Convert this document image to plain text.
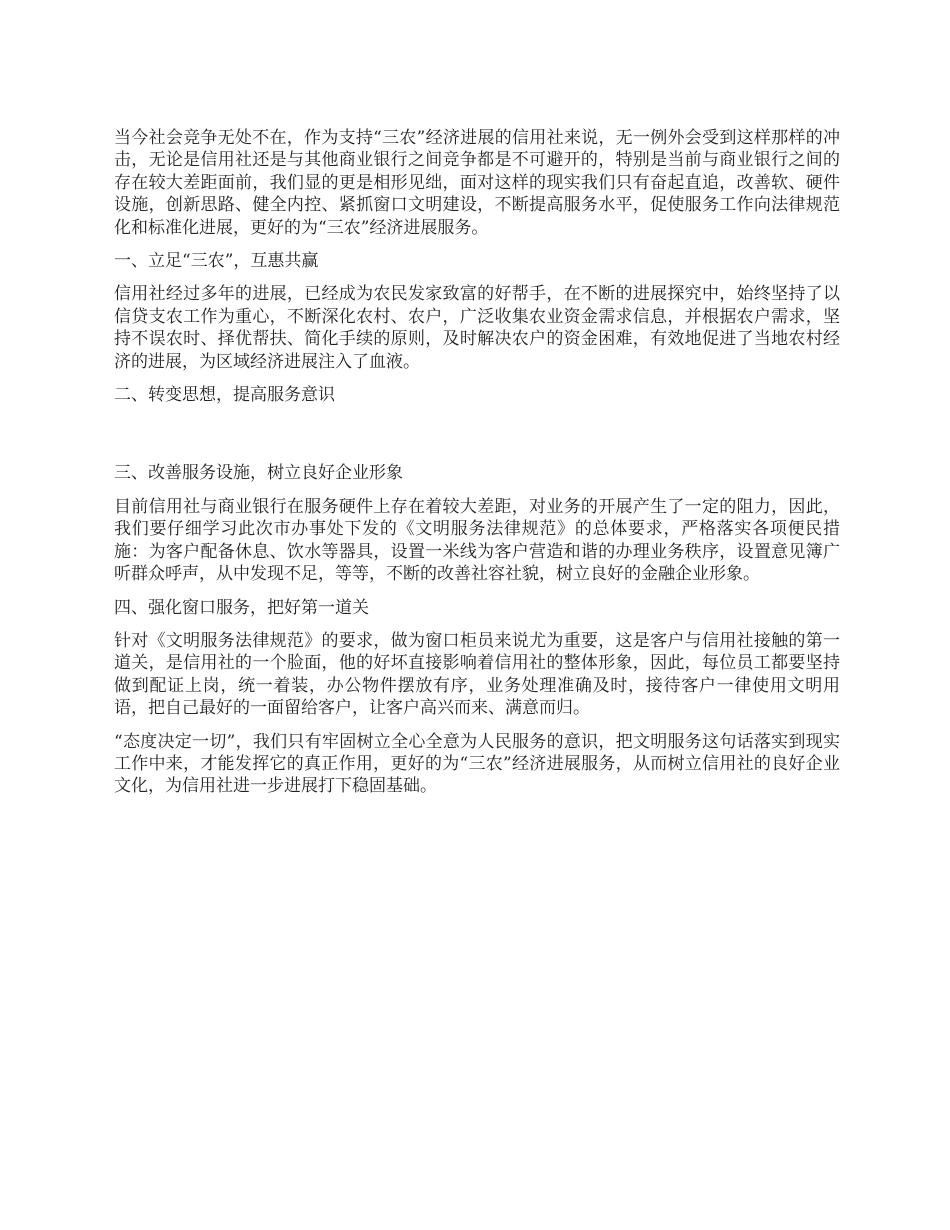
当今社会竞争无处不在，作为支持“三农”经济进展的信用社来说，无一例外会受到这样那样的冲击，无论是信用社还是与其他商业银行之间竞争都是不可避开的，特别是当前与商业银行之间的存在较大差距面前，我们显的更是相形见绌，面对这样的现实我们只有奋起直追，改善软、硬件设施，创新思路、健全内控、紧抓窗口文明建设，不断提高服务水平，促使服务工作向法律规范化和标准化进展，更好的为“三农”经济进展服务。

一、立足“三农”，互惠共赢

信用社经过多年的进展，已经成为农民发家致富的好帮手，在不断的进展探究中，始终坚持了以信贷支农工作为重心，不断深化农村、农户，广泛收集农业资金需求信息，并根据农户需求，坚持不误农时、择优帮扶、简化手续的原则，及时解决农户的资金困难，有效地促进了当地农村经济的进展，为区域经济进展注入了血液。

二、转变思想，提高服务意识

三、改善服务设施，树立良好企业形象

目前信用社与商业银行在服务硬件上存在着较大差距，对业务的开展产生了一定的阻力，因此，我们要仔细学习此次市办事处下发的《文明服务法律规范》的总体要求，严格落实各项便民措施：为客户配备休息、饮水等器具，设置一米线为客户营造和谐的办理业务秩序，设置意见簿广听群众呼声，从中发现不足，等等，不断的改善社容社貌，树立良好的金融企业形象。

四、强化窗口服务，把好第一道关

针对《文明服务法律规范》的要求，做为窗口柜员来说尤为重要，这是客户与信用社接触的第一道关，是信用社的一个脸面，他的好坏直接影响着信用社的整体形象，因此，每位员工都要坚持做到配证上岗，统一着装，办公物件摆放有序，业务处理准确及时，接待客户一律使用文明用语，把自己最好的一面留给客户，让客户高兴而来、满意而归。

“态度决定一切”，我们只有牢固树立全心全意为人民服务的意识，把文明服务这句话落实到现实工作中来，才能发挥它的真正作用，更好的为“三农”经济进展服务，从而树立信用社的良好企业文化，为信用社进一步进展打下稳固基础。
